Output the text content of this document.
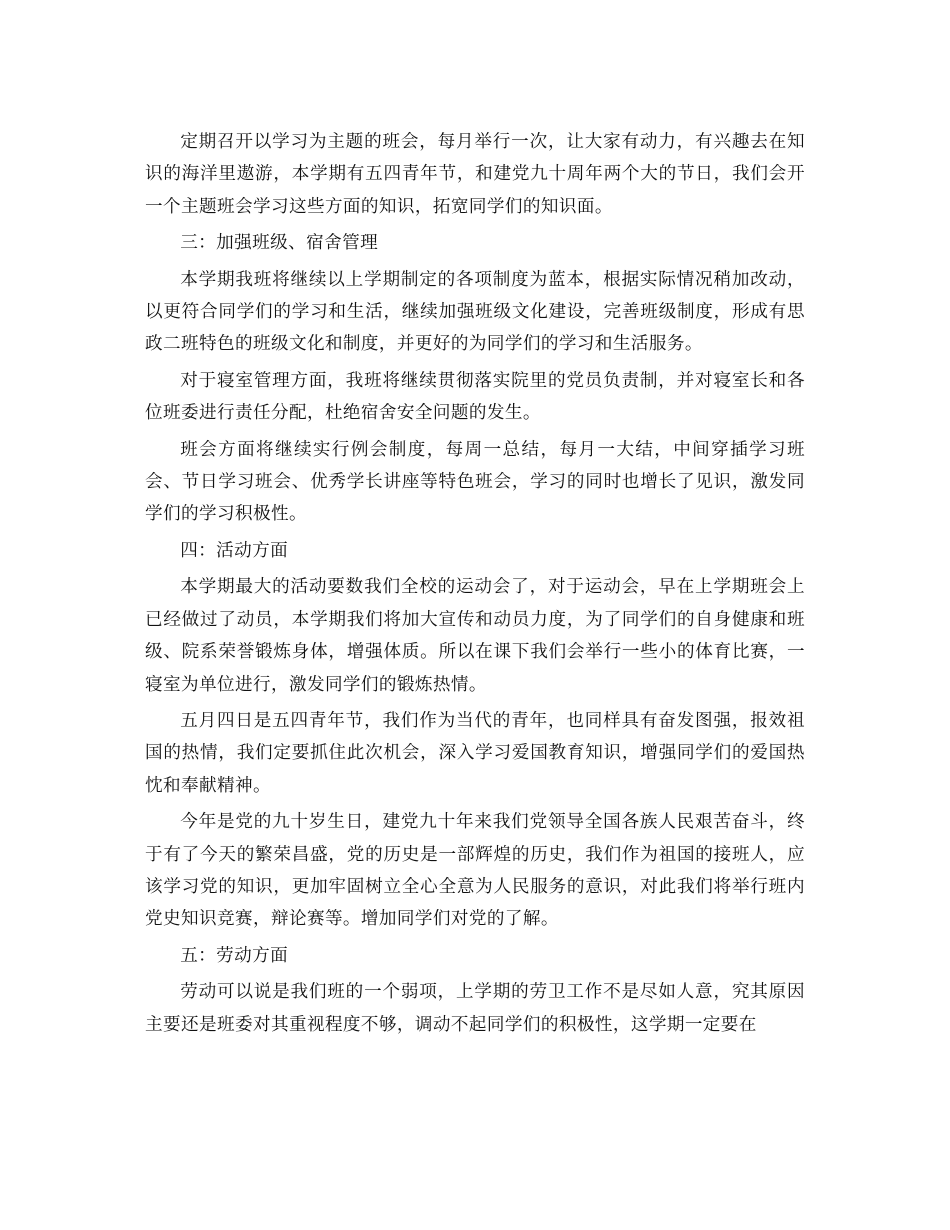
定期召开以学习为主题的班会，每月举行一次，让大家有动力，有兴趣去在知识的海洋里遨游，本学期有五四青年节，和建党九十周年两个大的节日，我们会开一个主题班会学习这些方面的知识，拓宽同学们的知识面。

三：加强班级、宿舍管理

本学期我班将继续以上学期制定的各项制度为蓝本，根据实际情况稍加改动，以更符合同学们的学习和生活，继续加强班级文化建设，完善班级制度，形成有思政二班特色的班级文化和制度，并更好的为同学们的学习和生活服务。

对于寝室管理方面，我班将继续贯彻落实院里的党员负责制，并对寝室长和各位班委进行责任分配，杜绝宿舍安全问题的发生。

班会方面将继续实行例会制度，每周一总结，每月一大结，中间穿插学习班会、节日学习班会、优秀学长讲座等特色班会，学习的同时也增长了见识，激发同学们的学习积极性。

四：活动方面

本学期最大的活动要数我们全校的运动会了，对于运动会，早在上学期班会上已经做过了动员，本学期我们将加大宣传和动员力度，为了同学们的自身健康和班级、院系荣誉锻炼身体，增强体质。所以在课下我们会举行一些小的体育比赛，一寝室为单位进行，激发同学们的锻炼热情。

五月四日是五四青年节，我们作为当代的青年，也同样具有奋发图强，报效祖国的热情，我们定要抓住此次机会，深入学习爱国教育知识，增强同学们的爱国热忱和奉献精神。

今年是党的九十岁生日，建党九十年来我们党领导全国各族人民艰苦奋斗，终于有了今天的繁荣昌盛，党的历史是一部辉煌的历史，我们作为祖国的接班人，应该学习党的知识，更加牢固树立全心全意为人民服务的意识，对此我们将举行班内党史知识竞赛，辩论赛等。增加同学们对党的了解。

五：劳动方面

劳动可以说是我们班的一个弱项，上学期的劳卫工作不是尽如人意，究其原因主要还是班委对其重视程度不够，调动不起同学们的积极性，这学期一定要在
